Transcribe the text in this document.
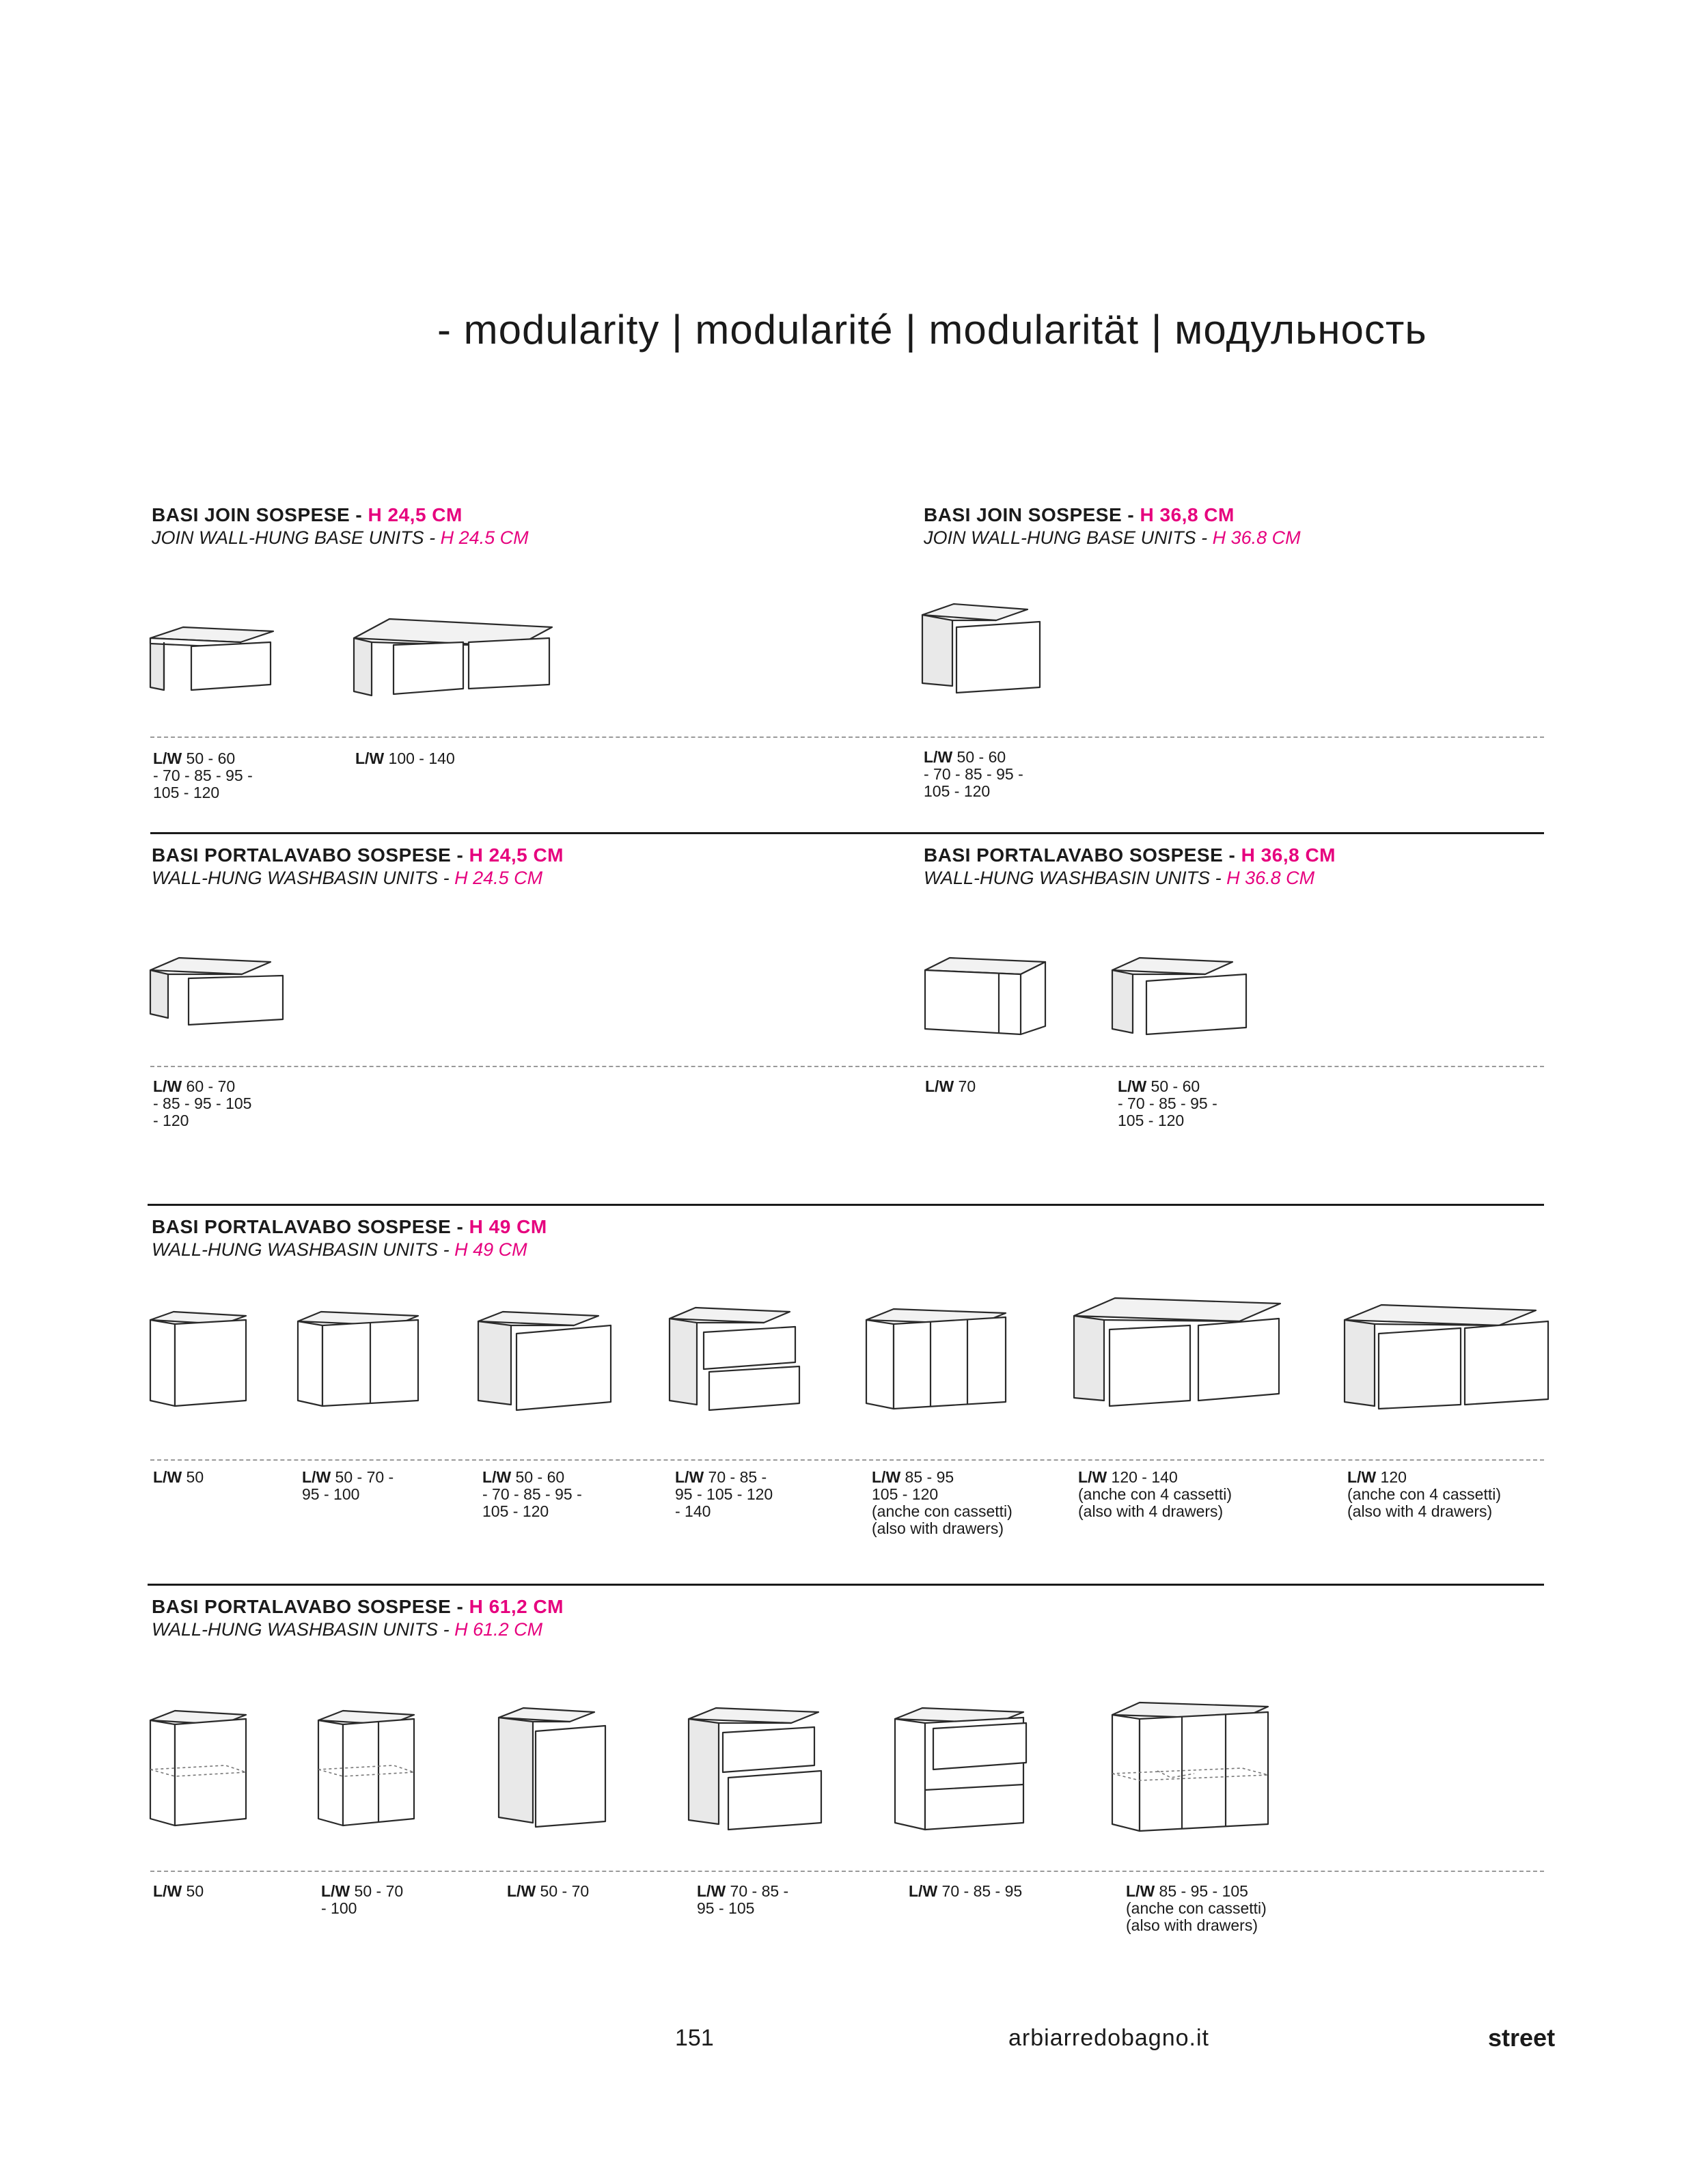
- modularity | modularité | modularität | модульность
BASI JOIN SOSPESE - H 24,5 CM
JOIN WALL-HUNG BASE UNITS - H 24.5 CM
L/W 50 - 60
- 70 - 85 - 95 -
105 - 120
L/W 100 - 140
BASI JOIN SOSPESE - H 36,8 CM
JOIN WALL-HUNG BASE UNITS - H 36.8 CM
L/W 50 - 60
- 70 - 85 - 95 -
105 - 120
BASI PORTALAVABO SOSPESE - H 24,5 CM
WALL-HUNG WASHBASIN UNITS - H 24.5 CM
L/W 60 - 70
- 85 - 95 - 105
- 120
BASI PORTALAVABO SOSPESE - H 36,8 CM
WALL-HUNG WASHBASIN UNITS - H 36.8 CM
L/W 70	L/W 50 - 60
- 70 - 85 - 95 -
105 - 120
BASI PORTALAVABO SOSPESE - H 49 CM
WALL-HUNG WASHBASIN UNITS - H 49 CM
L/W 50	L/W 50 - 70 -
95 - 100
L/W 50 - 60
- 70 - 85 - 95 -
105 - 120
L/W 70 - 85 -
95 - 105 - 120
- 140
L/W 85 - 95
105 - 120
(anche con cassetti)
(also with drawers)
L/W 120 - 140
(anche con 4 cassetti)
(also with 4 drawers)
L/W 120
(anche con 4 cassetti)
(also with 4 drawers)
BASI PORTALAVABO SOSPESE - H 61,2 CM
WALL-HUNG WASHBASIN UNITS - H 61.2 CM
L/W 50	L/W 50 - 70
- 100
L/W 50 - 70	L/W 70 - 85 -
95 - 105
L/W 70 - 85 - 95	L/W 85 - 95 - 105
(anche con cassetti)
(also with drawers)
151	arbiarredobagno.it	street
